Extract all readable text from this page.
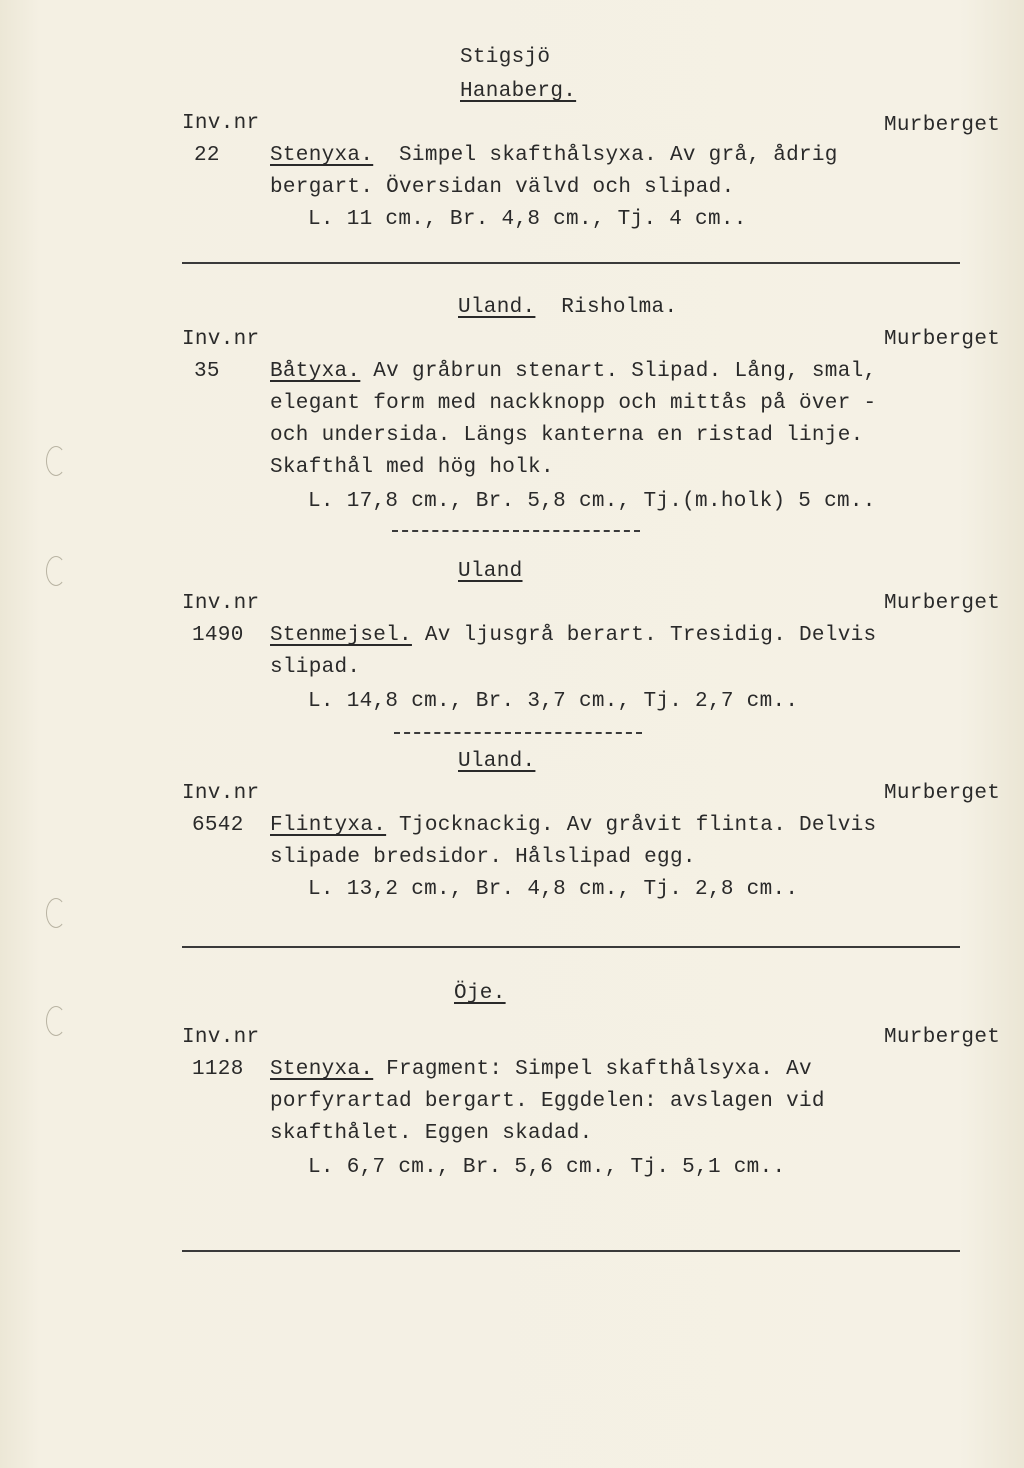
Stigsjö
Hanaberg.
Inv.nr	Murberget
22 Stenyxa. Simpel skafthålsyxa. Av grå, ådrig
bergart. Översidan välvd och slipad.
L. 11 cm., Br. 4,8 cm., Tj. 4 cm..
Uland. Risholma.
Inv.nr	Murberget
35 Båtyxa. Av gråbrun stenart. Slipad. Lång, smal,
elegant form med nackknopp och mittås på över -
och undersida. Längs kanterna en ristad linje.
Skafthål med hög holk.
L. 17,8 cm., Br. 5,8 cm., Tj.(m.holk) 5 cm..
Uland
Inv.nr	Murberget
1490 Stenmejsel. Av ljusgrå berart. Tresidig. Delvis
slipad.
L. 14,8 cm., Br. 3,7 cm., Tj. 2,7 cm..
Uland.
Inv.nr	Murberget
6542 Flintyxa. Tjocknackig. Av gråvit flinta. Delvis
slipade bredsidor. Hålslipad egg.
L. 13,2 cm., Br. 4,8 cm., Tj. 2,8 cm..
Öje.
Inv.nr	Murberget
1128 Stenyxa. Fragment: Simpel skafthålsyxa. Av
porfyrartad bergart. Eggdelen: avslagen vid
skafthålet. Eggen skadad.
L. 6,7 cm., Br. 5,6 cm., Tj. 5,1 cm..
